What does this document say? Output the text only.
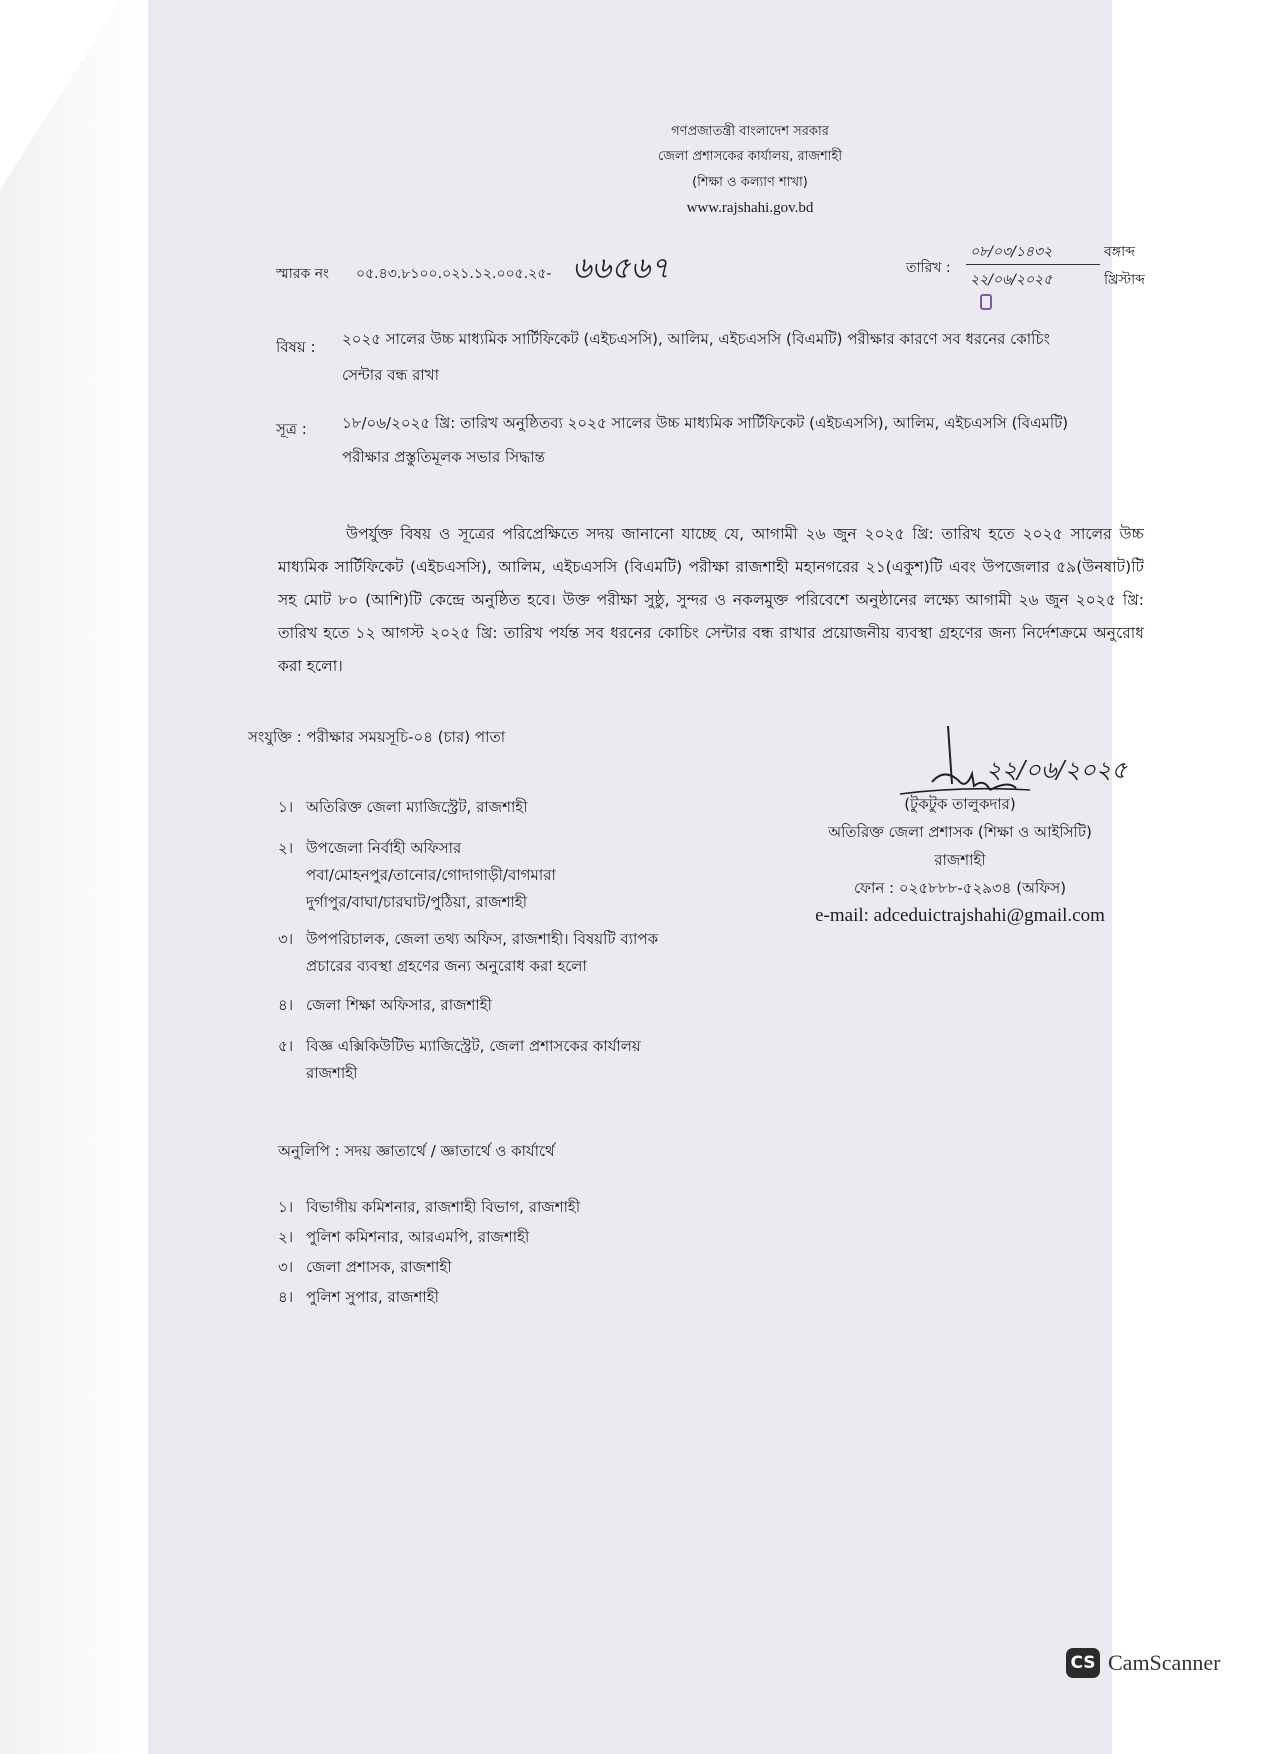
গণপ্রজাতন্ত্রী বাংলাদেশ সরকার
জেলা প্রশাসকের কার্যালয়, রাজশাহী
(শিক্ষা ও কল্যাণ শাখা)
www.rajshahi.gov.bd
স্মারক নং ০৫.৪৩.৮১০০.০২১.১২.০০৫.২৫- ৬৬৫৬৭	তারিখ :
০৮/০৩/১৪৩২	বঙ্গাব্দ
২২/০৬/২০২৫	খ্রিস্টাব্দ
বিষয় : ২০২৫ সালের উচ্চ মাধ্যমিক সার্টিফিকেট (এইচএসসি), আলিম, এইচএসসি (বিএমটি) পরীক্ষার কারণে সব ধরনের কোচিং
সেন্টার বন্ধ রাখা
সূত্র : ১৮/০৬/২০২৫ খ্রি: তারিখ অনুষ্ঠিতব্য ২০২৫ সালের উচ্চ মাধ্যমিক সার্টিফিকেট (এইচএসসি), আলিম, এইচএসসি (বিএমটি)
পরীক্ষার প্রস্তুতিমূলক সভার সিদ্ধান্ত
উপর্যুক্ত বিষয় ও সূত্রের পরিপ্রেক্ষিতে সদয় জানানো যাচ্ছে যে, আগামী ২৬ জুন ২০২৫ খ্রি: তারিখ হতে ২০২৫ সালের উচ্চ মাধ্যমিক সার্টিফিকেট (এইচএসসি), আলিম, এইচএসসি (বিএমটি) পরীক্ষা রাজশাহী মহানগরের ২১(একুশ)টি এবং উপজেলার ৫৯(উনষাট)টি সহ মোট ৮০ (আশি)টি কেন্দ্রে অনুষ্ঠিত হবে। উক্ত পরীক্ষা সুষ্ঠু, সুন্দর ও নকলমুক্ত পরিবেশে অনুষ্ঠানের লক্ষ্যে আগামী ২৬ জুন ২০২৫ খ্রি: তারিখ হতে ১২ আগস্ট ২০২৫ খ্রি: তারিখ পর্যন্ত সব ধরনের কোচিং সেন্টার বন্ধ রাখার প্রয়োজনীয় ব্যবস্থা গ্রহণের জন্য নির্দেশক্রমে অনুরোধ করা হলো।
সংযুক্তি : পরীক্ষার সময়সূচি-০৪ (চার) পাতা
২২/০৬/২০২৫
(টুকটুক তালুকদার)
অতিরিক্ত জেলা প্রশাসক (শিক্ষা ও আইসিটি)
রাজশাহী
ফোন : ০২৫৮৮৮-৫২৯৩৪ (অফিস)
e-mail: adceduictrajshahi@gmail.com
১। অতিরিক্ত জেলা ম্যাজিস্ট্রেট, রাজশাহী
২। উপজেলা নির্বাহী অফিসার
পবা/মোহনপুর/তানোর/গোদাগাড়ী/বাগমারা
দুর্গাপুর/বাঘা/চারঘাট/পুঠিয়া, রাজশাহী
৩। উপপরিচালক, জেলা তথ্য অফিস, রাজশাহী। বিষয়টি ব্যাপক
প্রচারের ব্যবস্থা গ্রহণের জন্য অনুরোধ করা হলো
৪। জেলা শিক্ষা অফিসার, রাজশাহী
৫। বিজ্ঞ এক্সিকিউটিভ ম্যাজিস্ট্রেট, জেলা প্রশাসকের কার্যালয়
রাজশাহী
অনুলিপি : সদয় জ্ঞাতার্থে / জ্ঞাতার্থে ও কার্যার্থে
১। বিভাগীয় কমিশনার, রাজশাহী বিভাগ, রাজশাহী
২। পুলিশ কমিশনার, আরএমপি, রাজশাহী
৩। জেলা প্রশাসক, রাজশাহী
৪। পুলিশ সুপার, রাজশাহী
CS CamScanner
